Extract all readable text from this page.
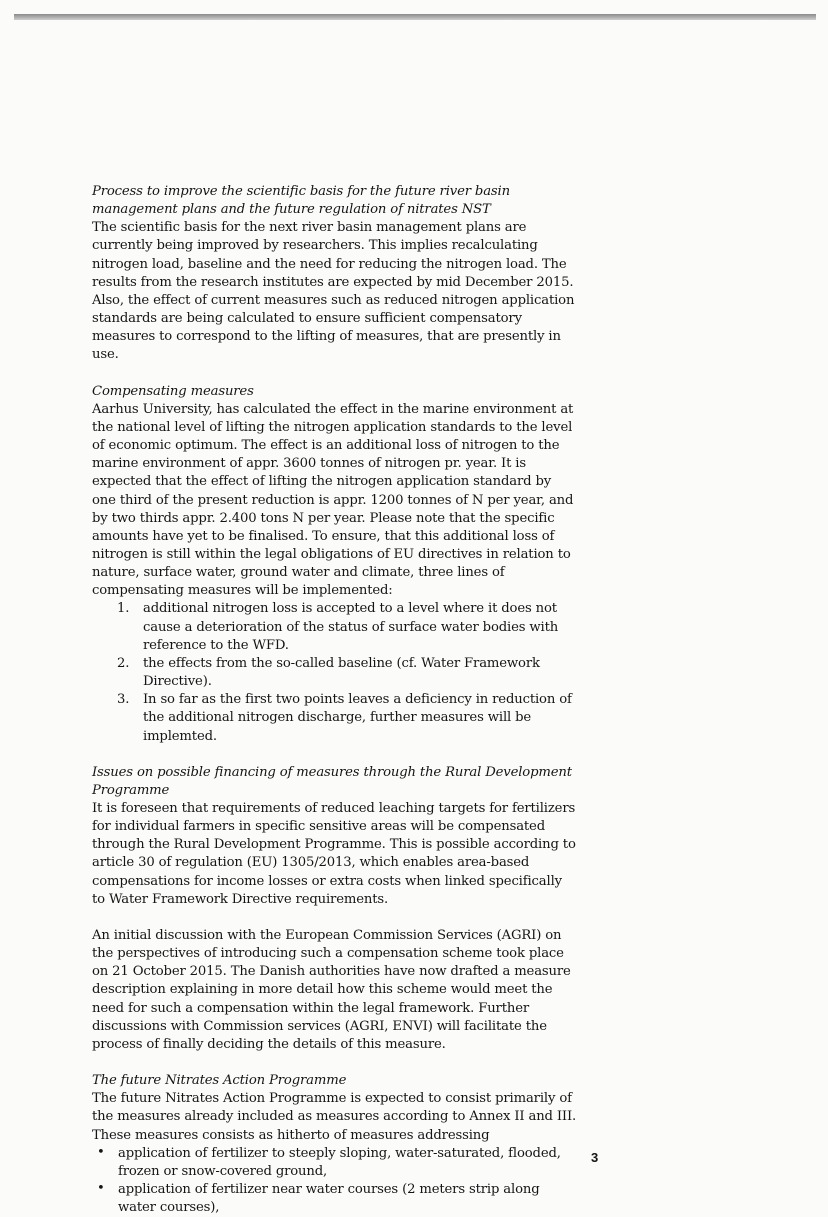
Process to improve the scientific basis for the future river basin management plans and the future regulation of nitrates NST

The scientific basis for the next river basin management plans are currently being improved by researchers. This implies recalculating nitrogen load, baseline and the need for reducing the nitrogen load. The results from the research institutes are expected by mid December 2015. Also, the effect of current measures such as reduced nitrogen application standards are being calculated to ensure sufficient compensatory measures to correspond to the lifting of measures, that are presently in use.

Compensating measures

Aarhus University, has calculated the effect in the marine environment at the national level of lifting the nitrogen application standards to the level of economic optimum. The effect is an additional loss of nitrogen to the marine environment of appr. 3600 tonnes of nitrogen pr. year. It is expected that the effect of lifting the nitrogen application standard by one third of the present reduction is appr. 1200 tonnes of N per year, and by two thirds appr. 2.400 tons N per year. Please note that the specific amounts have yet to be finalised. To ensure, that this additional loss of nitrogen is still within the legal obligations of EU directives in relation to nature, surface water, ground water and climate, three lines of compensating measures will be implemented:

1. additional nitrogen loss is accepted to a level where it does not cause a deterioration of the status of surface water bodies with reference to the WFD.
2. the effects from the so-called baseline (cf. Water Framework Directive).
3. In so far as the first two points leaves a deficiency in reduction of the additional nitrogen discharge, further measures will be implemted.

Issues on possible financing of measures through the Rural Development Programme

It is foreseen that requirements of reduced leaching targets for fertilizers for individual farmers in specific sensitive areas will be compensated through the Rural Development Programme. This is possible according to article 30 of regulation (EU) 1305/2013, which enables area-based compensations for income losses or extra costs when linked specifically to Water Framework Directive requirements.

An initial discussion with the European Commission Services (AGRI) on the perspectives of introducing such a compensation scheme took place on 21 October 2015. The Danish authorities have now drafted a measure description explaining in more detail how this scheme would meet the need for such a compensation within the legal framework. Further discussions with Commission services (AGRI, ENVI) will facilitate the process of finally deciding the details of this measure.

The future Nitrates Action Programme

The future Nitrates Action Programme is expected to consist primarily of the measures already included as measures according to Annex II and III. These measures consists as hitherto of measures addressing

• application of fertilizer to steeply sloping, water-saturated, flooded, frozen or snow-covered ground,
• application of fertilizer near water courses (2 meters strip along water courses),
3
